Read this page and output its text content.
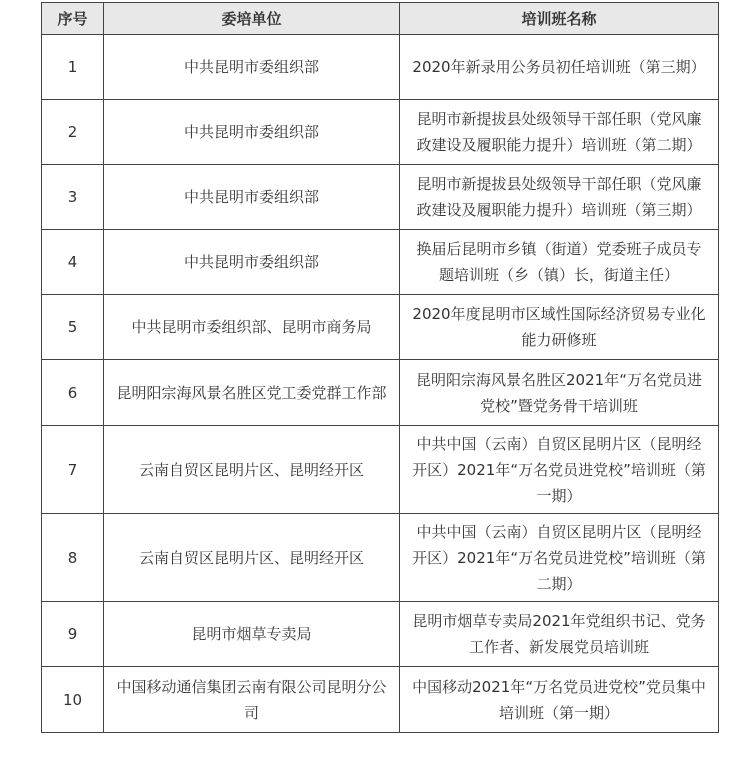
序号	委培单位	培训班名称
1	中共昆明市委组织部	2020年新录用公务员初任培训班（第三期）
2	中共昆明市委组织部	昆明市新提拔县处级领导干部任职（党风廉政建设及履职能力提升）培训班（第二期）
3	中共昆明市委组织部	昆明市新提拔县处级领导干部任职（党风廉政建设及履职能力提升）培训班（第三期）
4	中共昆明市委组织部	换届后昆明市乡镇（街道）党委班子成员专题培训班（乡（镇）长，街道主任）
5	中共昆明市委组织部、昆明市商务局	2020年度昆明市区域性国际经济贸易专业化能力研修班
6	昆明阳宗海风景名胜区党工委党群工作部	昆明阳宗海风景名胜区2021年“万名党员进党校”暨党务骨干培训班
7	云南自贸区昆明片区、昆明经开区	中共中国（云南）自贸区昆明片区（昆明经开区）2021年“万名党员进党校”培训班（第一期）
8	云南自贸区昆明片区、昆明经开区	中共中国（云南）自贸区昆明片区（昆明经开区）2021年“万名党员进党校”培训班（第二期）
9	昆明市烟草专卖局	昆明市烟草专卖局2021年党组织书记、党务工作者、新发展党员培训班
10	中国移动通信集团云南有限公司昆明分公司	中国移动2021年“万名党员进党校”党员集中培训班（第一期）
